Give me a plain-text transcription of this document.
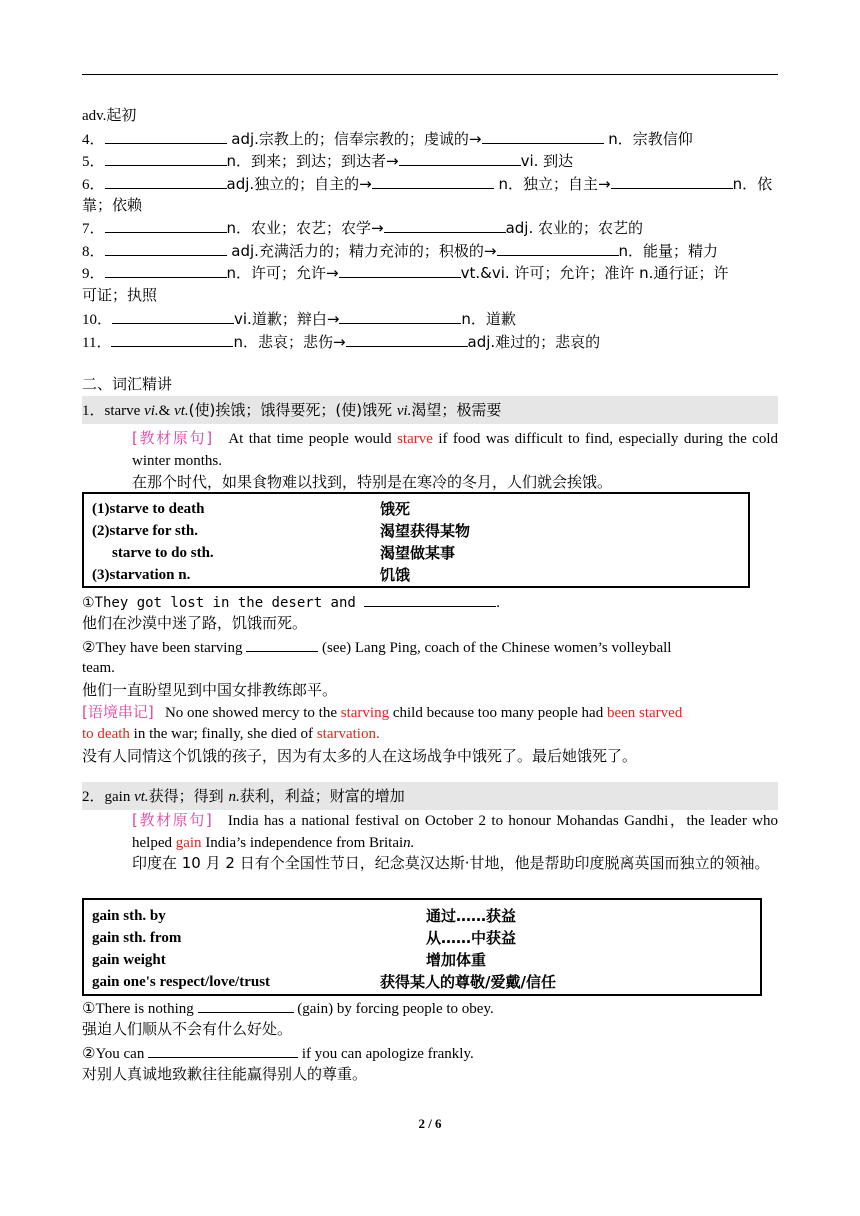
adv.起初
4．	adj.宗教上的；信奉宗教的；虔诚的→	n．宗教信仰
5．	n．到来；到达；到达者→	vi. 到达
6．	adj.独立的；自主的→	n．独立；自主→	n．依
靠；依赖
7．	n．农业；农艺；农学→	adj. 农业的；农艺的
8．	adj.充满活力的；精力充沛的；积极的→	n．能量；精力
9．	n．许可；允许→	vt.&vi. 许可；允许；准许 n.通行证；许
可证；执照
10．	vi.道歉；辩白→	n．道歉
11．	n．悲哀；悲伤→	adj.难过的；悲哀的
二、词汇精讲
1．starve vi.& vt.(使)挨饿；饿得要死；(使)饿死 vi.渴望；极需要
[教材原句] At that time people would starve if food was difficult to find, especially during the cold winter months.
在那个时代，如果食物难以找到，特别是在寒冷的冬月，人们就会挨饿。
(1)starve to death	饿死
(2)starve for sth.	渴望获得某物
starve to do sth.	渴望做某事
(3)starvation n.	饥饿
①They got lost in the desert and	.
他们在沙漠中迷了路，饥饿而死。
②They have been starving	(see) Lang Ping, coach of the Chinese women’s volleyball
team.
他们一直盼望见到中国女排教练郎平。
[语境串记] No one showed mercy to the starving child because too many people had been starved
to death in the war; finally, she died of starvation.
没有人同情这个饥饿的孩子，因为有太多的人在这场战争中饿死了。最后她饿死了。
2．gain vt.获得；得到 n.获利，利益；财富的增加
[教材原句] India has a national festival on October 2 to honour Mohandas Gandhi，the leader who helped gain India’s independence from Britain.
印度在 10 月 2 日有个全国性节日，纪念莫汉达斯·甘地，他是帮助印度脱离英国而独立的领袖。
gain sth. by	通过……获益
gain sth. from	从……中获益
gain weight	增加体重
gain one's respect/love/trust	获得某人的尊敬/爱戴/信任
①There is nothing	(gain) by forcing people to obey.
强迫人们顺从不会有什么好处。
②You can	if you can apologize frankly.
对别人真诚地致歉往往能赢得别人的尊重。
2 / 6
